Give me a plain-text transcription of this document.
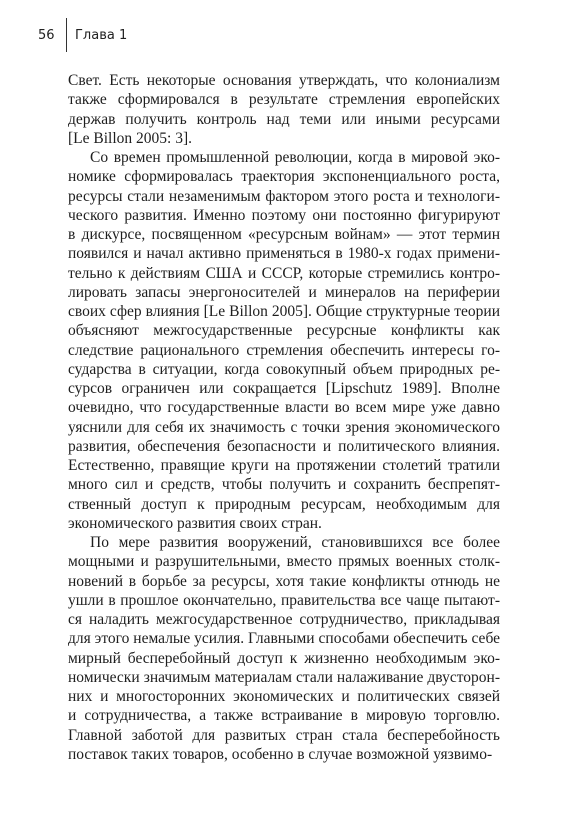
56	Глава 1

Свет. Есть некоторые основания утверждать, что колониализм
также сформировался в результате стремления европейских
держав получить контроль над теми или иными ресурсами
[Le Billon 2005: 3].

Со времен промышленной революции, когда в мировой эко-
номике сформировалась траектория экспоненциального роста,
ресурсы стали незаменимым фактором этого роста и технологи-
ческого развития. Именно поэтому они постоянно фигурируют
в дискурсе, посвященном «ресурсным войнам» — этот термин
появился и начал активно применяться в 1980-х годах примени-
тельно к действиям США и СССР, которые стремились контро-
лировать запасы энергоносителей и минералов на периферии
своих сфер влияния [Le Billon 2005]. Общие структурные теории
объясняют межгосударственные ресурсные конфликты как
следствие рационального стремления обеспечить интересы го-
сударства в ситуации, когда совокупный объем природных ре-
сурсов ограничен или сокращается [Lipschutz 1989]. Вполне
очевидно, что государственные власти во всем мире уже давно
уяснили для себя их значимость с точки зрения экономического
развития, обеспечения безопасности и политического влияния.
Естественно, правящие круги на протяжении столетий тратили
много сил и средств, чтобы получить и сохранить беспрепят-
ственный доступ к природным ресурсам, необходимым для
экономического развития своих стран.

По мере развития вооружений, становившихся все более
мощными и разрушительными, вместо прямых военных столк-
новений в борьбе за ресурсы, хотя такие конфликты отнюдь не
ушли в прошлое окончательно, правительства все чаще пытают-
ся наладить межгосударственное сотрудничество, прикладывая
для этого немалые усилия. Главными способами обеспечить себе
мирный бесперебойный доступ к жизненно необходимым эко-
номически значимым материалам стали налаживание двусторон-
них и многосторонних экономических и политических связей
и сотрудничества, а также встраивание в мировую торговлю.
Главной заботой для развитых стран стала бесперебойность
поставок таких товаров, особенно в случае возможной уязвимо-
